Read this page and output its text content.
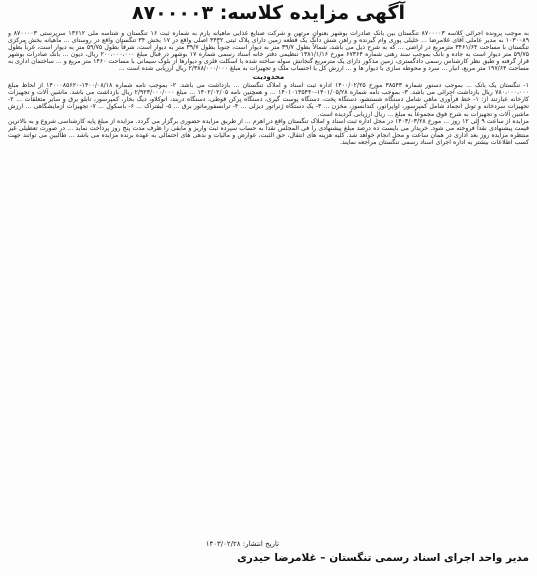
آگهی مزایده کلاسه: ۸۷۰۰۰۰۳

به موجب پرونده اجرائی کلاسه ۸۷۰۰۰۰۳ تنگستان بین بانک صادرات بوشهر بعنوان مرتهن و شرکت صنایع غذایی ماهیانه پارم به شماره ثبت ۱۶ تنگستان و شناسه ملی ۱۳۶۱۲ سرپرستی ۸۷۰۰۰۰۳ و ۱۰۳۰۰۸۹ به مدیر عاملی آقای غلامرضا ... خلیلی پوری وام گیرنده و راهن شش دانگ یک قطعه زمین دارای پلاک ثبتی ۳۴۳۲ اصلی واقع در ۱۷ بخش ۳۴ تنگستان واقع در روستای ... ماهیانه بخش مرکزی تنگستان با مساحت ۳۴۶۱/۶۴ مترمربع در اراضی ... که به شرح ذیل می باشد، شمالاً بطول ۳۹/۷ متر به دیوار است، جنوباً بطول ۳۹/۷ متر به دیوار است، شرقاً بطول ۵۹/۷۵ متر به دیوار است، غرباً بطول ۵۹/۷۵ متر دیوار است به جاده و بانک بموجب سند رهنی شماره ۶۷۳۶۴ مورخ ۱۳۸۱/۱/۱۶ تنظیمی دفتر خانه اسناد رسمی شماره ۱۷ بوشهر در قبال مبلغ ۲۰۰،۰۰۰،۰۰۰ ریال، دیون ... بانک صادرات بوشهر قرار گرفته و طبق نظر کارشناس رسمی دادگستری، زمین مذکور دارای یک مترمربع گنجانش سوله ساخته شده با اسکلت فلزی و دیوارها از بلوک سیمانی با مساحت ۱۴۶۰ متر مربع و ... ساختمان اداری به مساحت ۱۹۷/۶۴ متر مربع، انبار ... سرد و محوطه سازی با دیوار ها و ... ارزش کل با احتساب ملک و تجهیزات به مبلغ ۲/۳۸۸/۰۰۰/۰۰۰ ریال ارزیابی شده است ...

محدودیت

۱- تنگستان یک بانک ... بموجب دستور شماره ۳۸۵۴۳ مورخ ۱۴۰۰/۰۲/۲۵ اداره ثبت اسناد و املاک تنگستان ... بازداشت می باشد. ۲- بموجب نامه شماره ۱۴۰۰/۰۸/۱۸-۱۴۰۰۰۸۵۶۲۰ از لحاظ مبلغ ۷۸۰،۰۰۰،۰۰۰ ریال بازداشت اجرائی می باشد. ۳- بموجب نامه شماره ۱۴۰۱/۰۵/۲۸-۱۴۰۱۰۱۳۵۴۴۰ ... و همچنین نامه ۱۴۰۲/۰۲/۰۵ ... مبلغ ۲/۹۲۳/۰۰۰/۰۰۰ ریال بازداشت می باشد. ماشین آلات و تجهیزات کارخانه عبارتند از: ۱- خط فرآوری ماهی شامل دستگاه شستشو، دستگاه پخت، دستگاه پوست گیری، دستگاه پرکن قوطی، دستگاه دربند، اتوکلاو، دیگ بخار، کمپرسور، تابلو برق و سایر متعلقات ... ۲- تجهیزات سردخانه و تونل انجماد شامل کمپرسور، اواپراتور، کندانسور، مخزن ... ۳- یک دستگاه ژنراتور دیزلی ... ۴- ترانسفورماتور برق ... ۵- لیفتراک ... ۶- باسکول ... ۷- تجهیزات آزمایشگاهی ... ارزش ماشین آلات و تجهیزات به شرح فوق مجموعاً به مبلغ ... ریال ارزیابی گردیده است.

مزایده از ساعت ۹ الی ۱۲ روز ... مورخ ۱۴۰۳/۰۳/۲۸ در محل اداره ثبت اسناد و املاک تنگستان واقع در اهرم ... از طریق مزایده حضوری برگزار می گردد. مزایده از مبلغ پایه کارشناسی شروع و به بالاترین قیمت پیشنهادی نقداً فروخته می شود. خریدار می بایست ده درصد مبلغ پیشنهادی را فی المجلس نقداً به حساب سپرده ثبت واریز و مابقی را ظرف مدت پنج روز پرداخت نماید ... در صورت تعطیلی غیر منتظره مزایده روز بعد اداری در همان ساعت و محل انجام خواهد شد. کلیه هزینه های انتقال، حق الثبت، عوارض و مالیات و بدهی های احتمالی به عهده برنده مزایده می باشد ... طالبین می توانند جهت کسب اطلاعات بیشتر به اداره اجرای اسناد رسمی تنگستان مراجعه نمایند.

تاریخ انتشار: ۱۴۰۳/۰۲/۲۸
مدیر واحد اجرای اسناد رسمی تنگستان – غلامرضا حیدری
